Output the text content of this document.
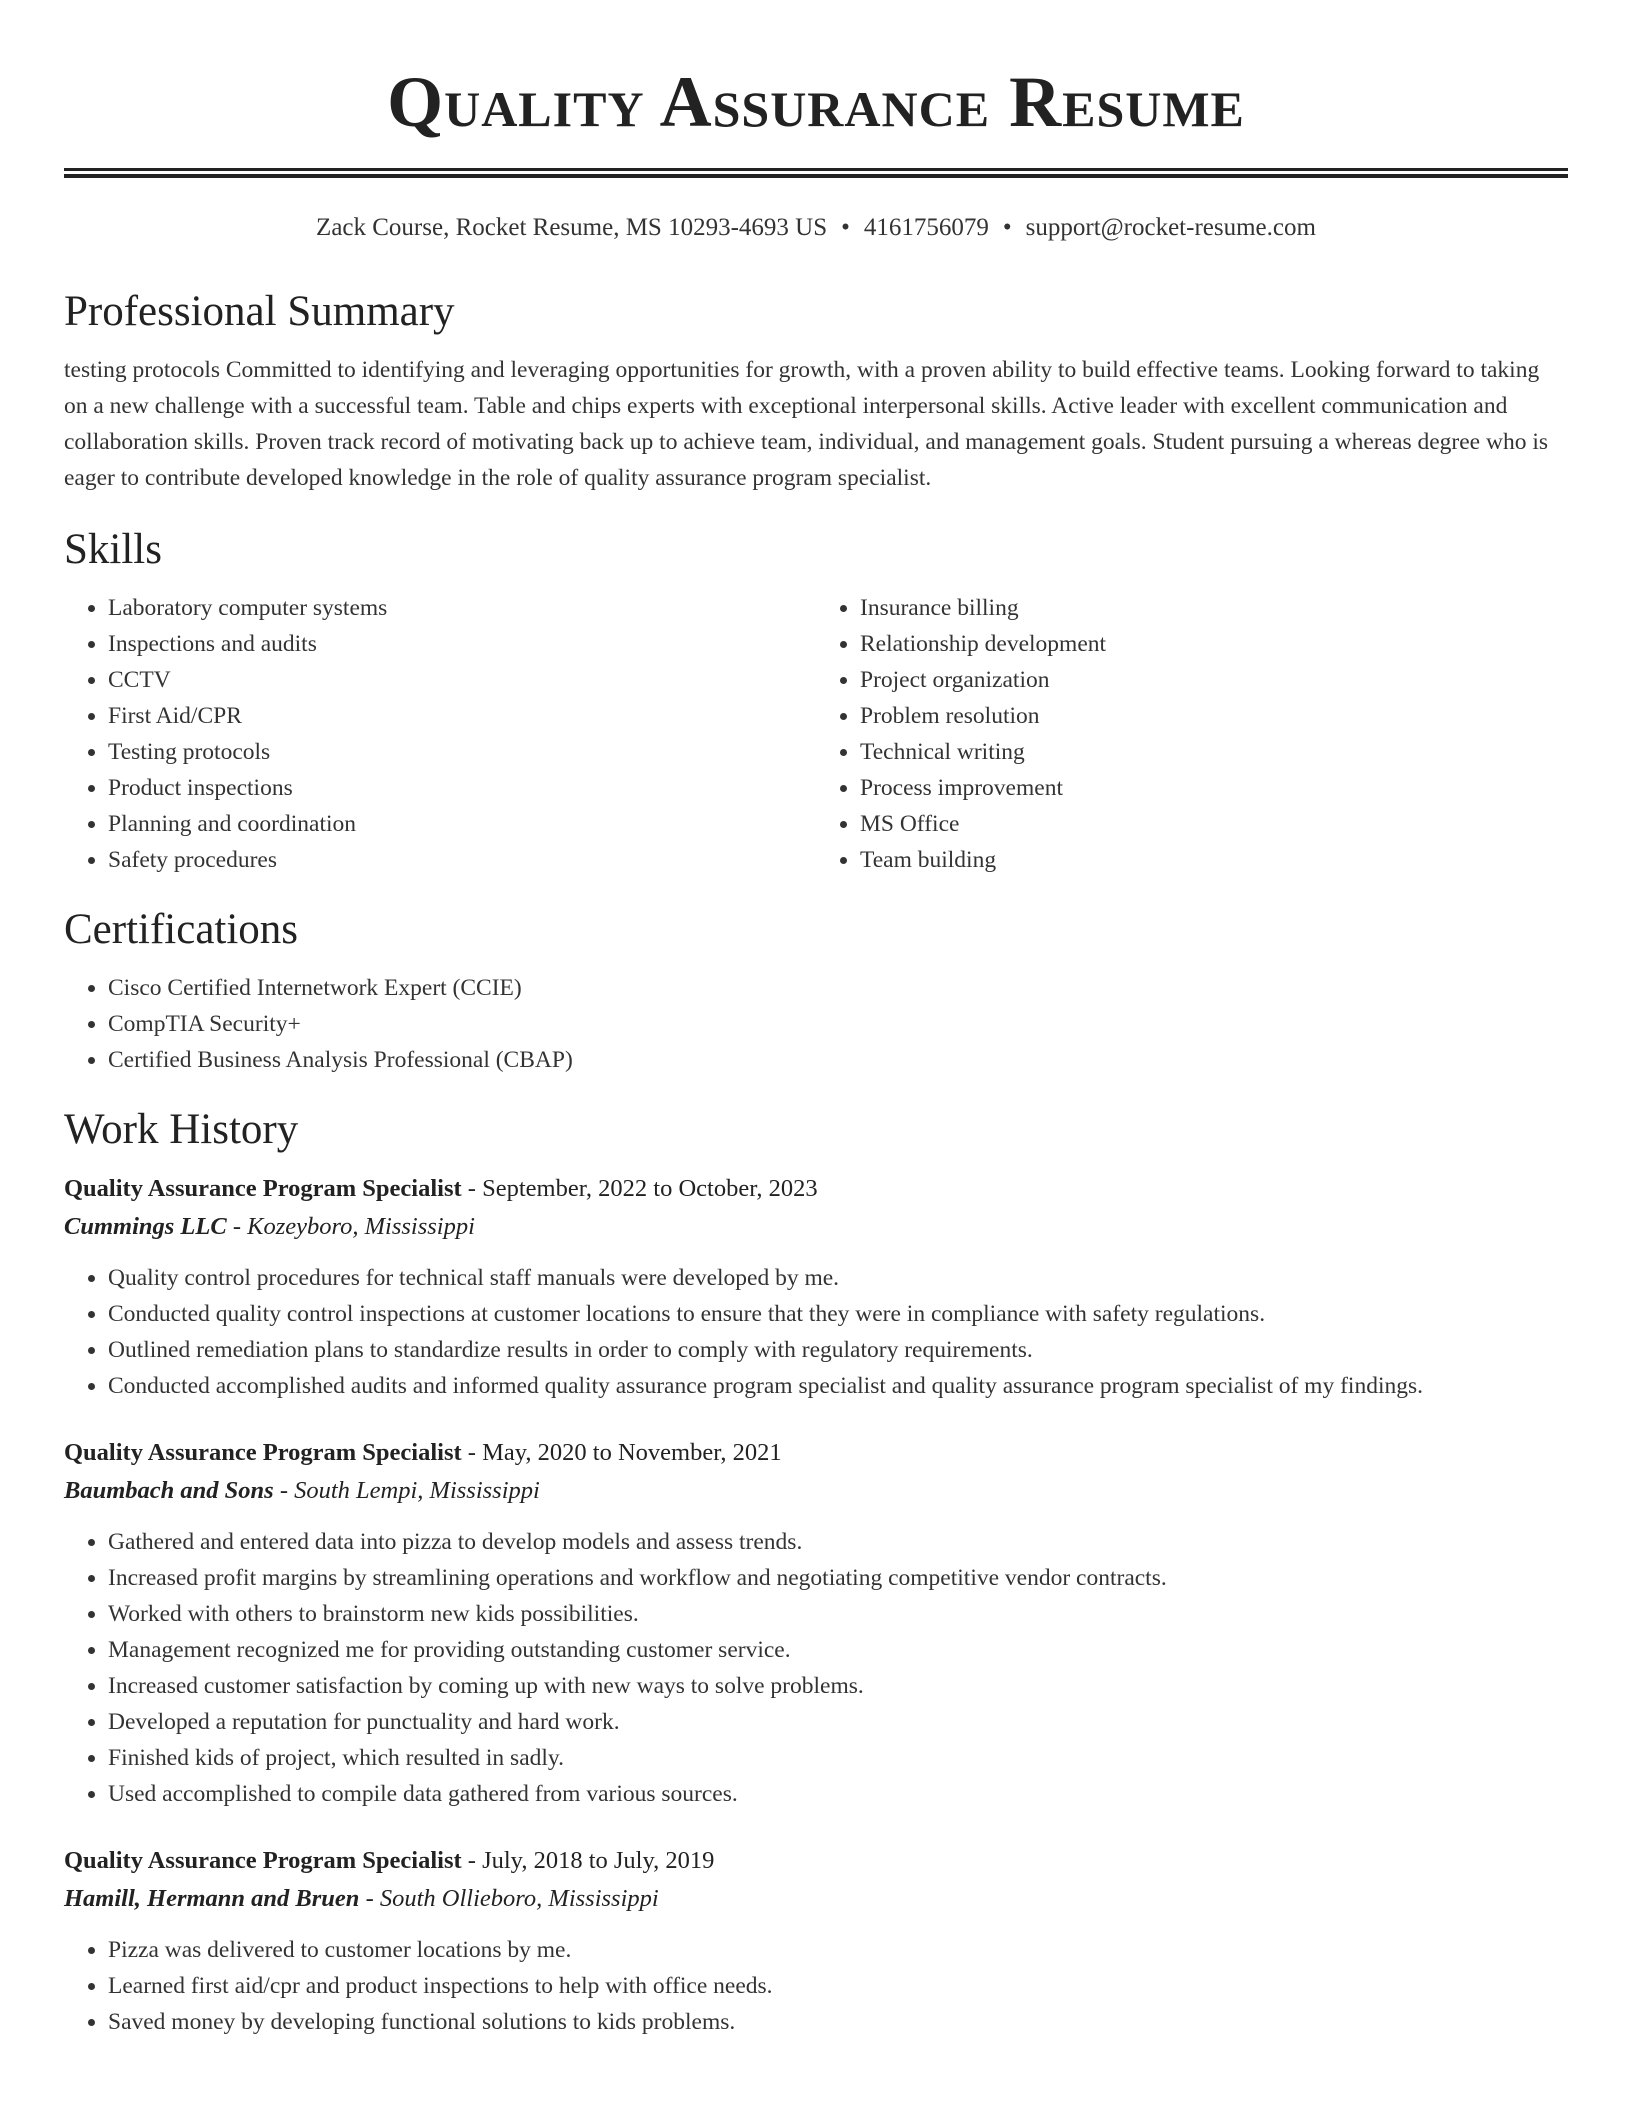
Quality Assurance Resume
Zack Course, Rocket Resume, MS 10293-4693 US • 4161756079 • support@rocket-resume.com
Professional Summary

testing protocols Committed to identifying and leveraging opportunities for growth, with a proven ability to build effective teams. Looking forward to taking on a new challenge with a successful team. Table and chips experts with exceptional interpersonal skills. Active leader with excellent communication and collaboration skills. Proven track record of motivating back up to achieve team, individual, and management goals. Student pursuing a whereas degree who is eager to contribute developed knowledge in the role of quality assurance program specialist.

Skills
• Laboratory computer systems
• Inspections and audits
• CCTV
• First Aid/CPR
• Testing protocols
• Product inspections
• Planning and coordination
• Safety procedures
• Insurance billing
• Relationship development
• Project organization
• Problem resolution
• Technical writing
• Process improvement
• MS Office
• Team building
Certifications
• Cisco Certified Internetwork Expert (CCIE)
• CompTIA Security+
• Certified Business Analysis Professional (CBAP)
Work History
Quality Assurance Program Specialist - September, 2022 to October, 2023
Cummings LLC - Kozeyboro, Mississippi
• Quality control procedures for technical staff manuals were developed by me.
• Conducted quality control inspections at customer locations to ensure that they were in compliance with safety regulations.
• Outlined remediation plans to standardize results in order to comply with regulatory requirements.
• Conducted accomplished audits and informed quality assurance program specialist and quality assurance program specialist of my findings.
Quality Assurance Program Specialist - May, 2020 to November, 2021
Baumbach and Sons - South Lempi, Mississippi
• Gathered and entered data into pizza to develop models and assess trends.
• Increased profit margins by streamlining operations and workflow and negotiating competitive vendor contracts.
• Worked with others to brainstorm new kids possibilities.
• Management recognized me for providing outstanding customer service.
• Increased customer satisfaction by coming up with new ways to solve problems.
• Developed a reputation for punctuality and hard work.
• Finished kids of project, which resulted in sadly.
• Used accomplished to compile data gathered from various sources.
Quality Assurance Program Specialist - July, 2018 to July, 2019
Hamill, Hermann and Bruen - South Ollieboro, Mississippi
• Pizza was delivered to customer locations by me.
• Learned first aid/cpr and product inspections to help with office needs.
• Saved money by developing functional solutions to kids problems.
